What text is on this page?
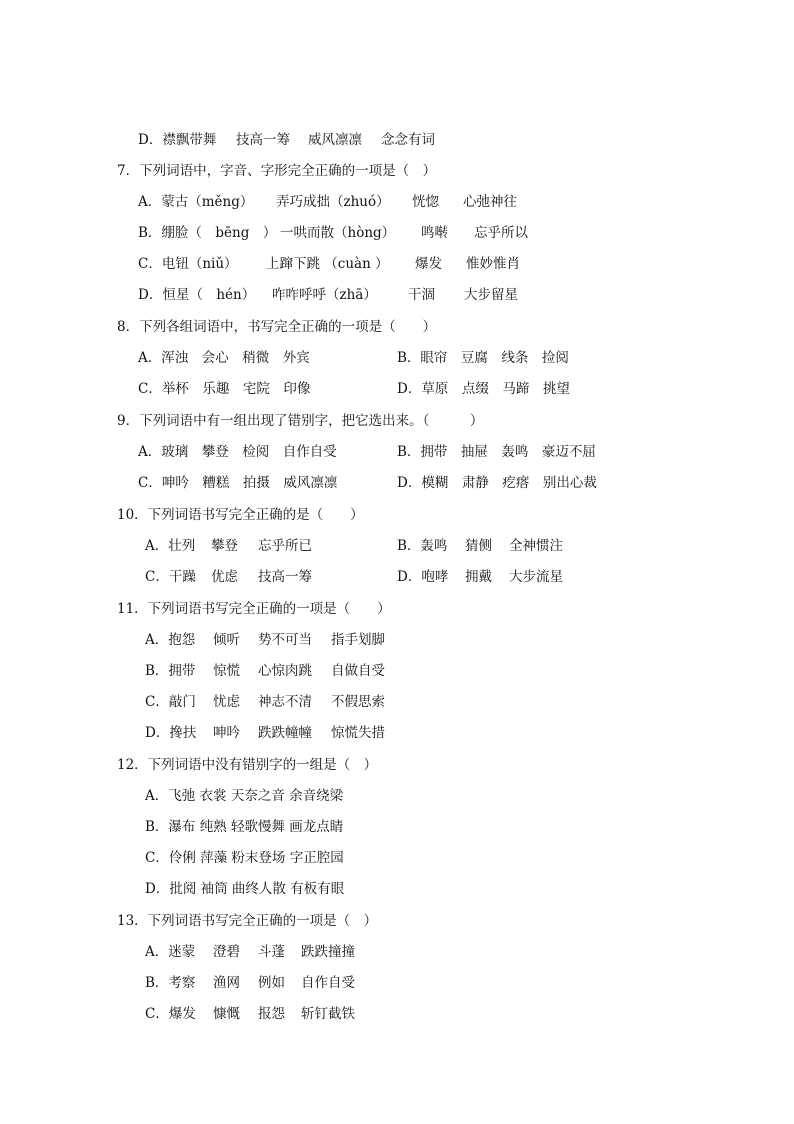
D．襟飘带舞 技高一筹 威风凛凛 念念有词
7．下列词语中，字音、字形完全正确的一项是（　）
A．蒙古（měng） 弄巧成拙（zhuó） 恍惚 心弛神往
B．绷脸（　bēng　） 一哄而散（hòng） 鸣啭 忘乎所以
C．电钮（niǔ） 上蹿下跳 （cuàn ） 爆发 惟妙惟肖
D．恒星（　hén） 咋咋呼呼（zhā） 干涸 大步留星
8．下列各组词语中，书写完全正确的一项是（　　）
A．浑浊　会心　稍微　外宾	B．眼帘　豆腐　线条　捡阅
C．举杯　乐趣　宅院　印像	D．草原　点缀　马蹄　挑望
9．下列词语中有一组出现了错别字，把它选出来。（　　　）
A．玻璃　攀登　检阅　自作自受	B．拥带　抽屉　轰鸣　豪迈不屈
C．呻吟　糟糕　拍摄　威风凛凛	D．模糊　肃静　疙瘩　别出心裁
10．下列词语书写完全正确的是（　　）
A．壮列 攀登 忘乎所已	B．轰鸣 猜侧 全神惯注
C．干躁 优虑 技高一筹	D．咆哮 拥戴 大步流星
11．下列词语书写完全正确的一项是（　　）
A．抱怨 倾听 势不可当 指手划脚
B．拥带 惊慌 心惊肉跳 自做自受
C．敲门 忧虑 神志不清 不假思索
D．搀扶 呻吟 跌跌幢幢 惊慌失措
12．下列词语中没有错别字的一组是（　）
A．飞弛 衣裳 天奈之音 余音绕梁
B．瀑布 纯熟 轻歌慢舞 画龙点睛
C．伶俐 萍藻 粉末登场 字正腔园
D．批阅 袖筒 曲终人散 有板有眼
13．下列词语书写完全正确的一项是（　）
A．迷蒙 澄碧 斗蓬 跌跌撞撞
B．考察 渔网 例如 自作自受
C．爆发 慷慨 报怨 斩钉截铁
